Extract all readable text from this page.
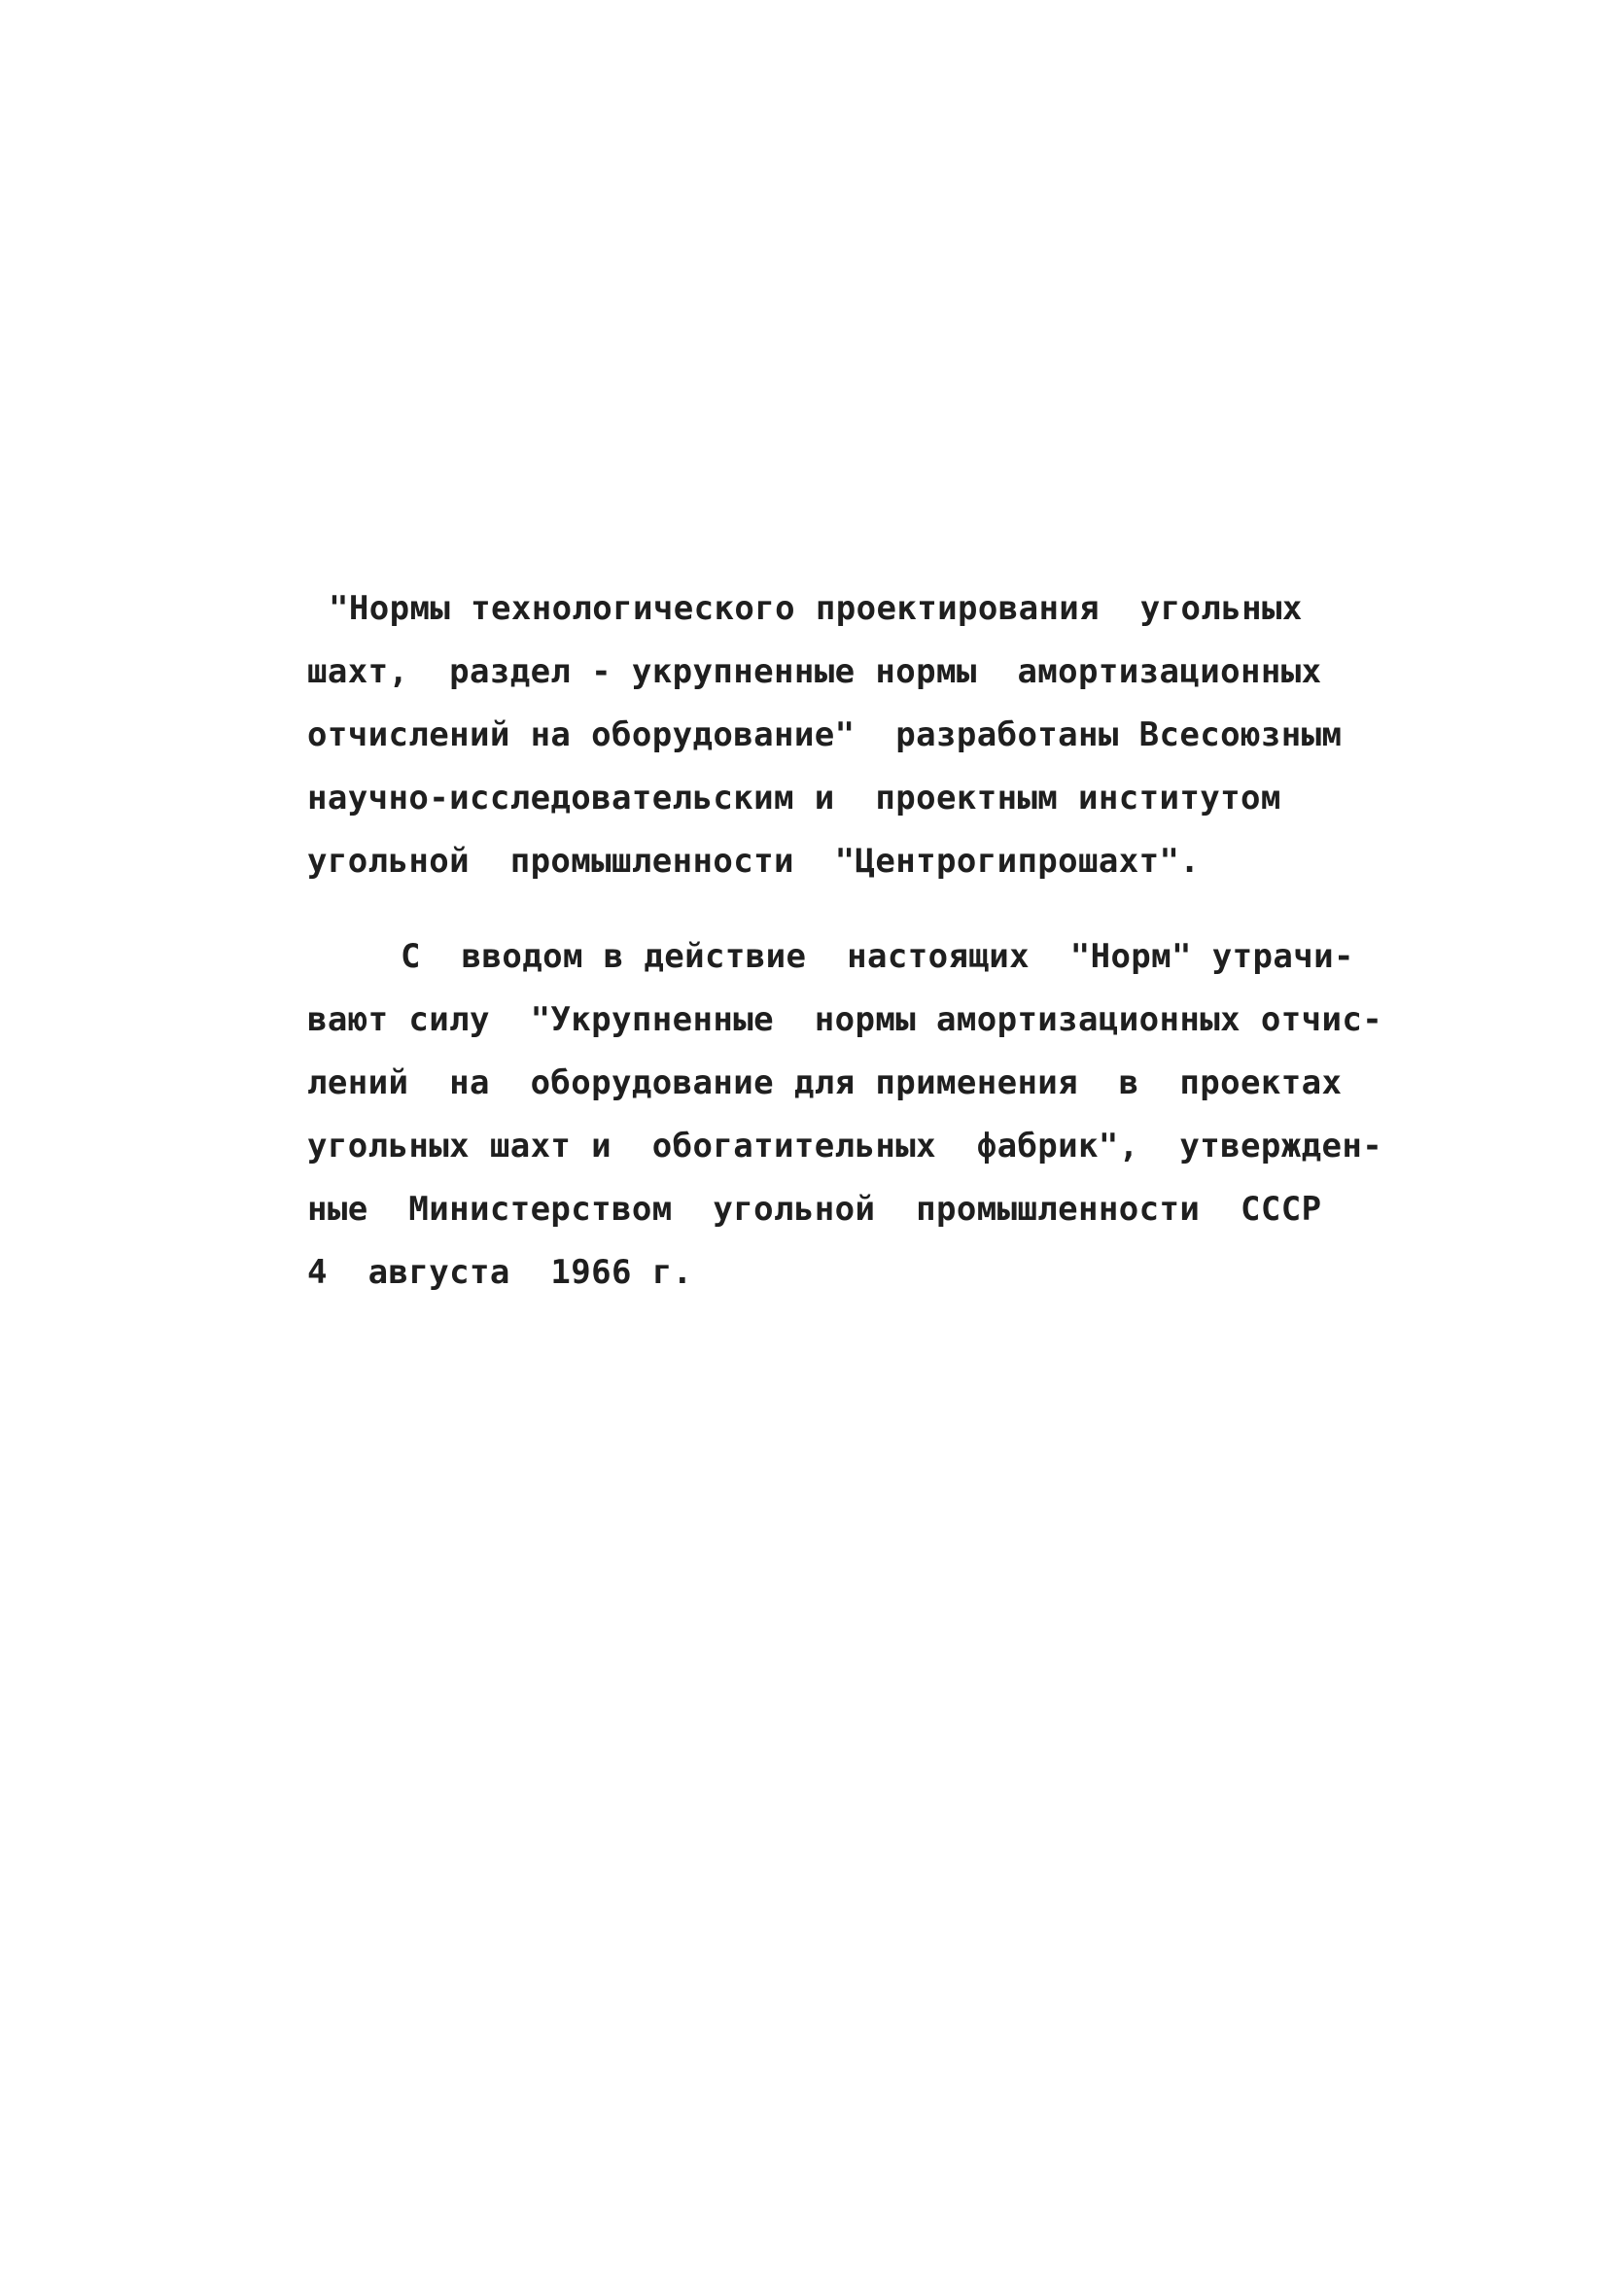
"Нормы технологического проектирования  угольных
шахт,  раздел - укрупненные нормы  амортизационных
отчислений на оборудование"  разработаны Всесоюзным
научно-исследовательским и  проектным институтом
угольной  промышленности  "Центрогипрошахт".
С  вводом в действие  настоящих  "Норм" утрачи-
вают силу  "Укрупненные  нормы амортизационных отчис-
лений  на  оборудование для применения  в  проектах
угольных шахт и  обогатительных  фабрик",  утвержден-
ные  Министерством  угольной  промышленности  СССР
4  августа  1966 г.
